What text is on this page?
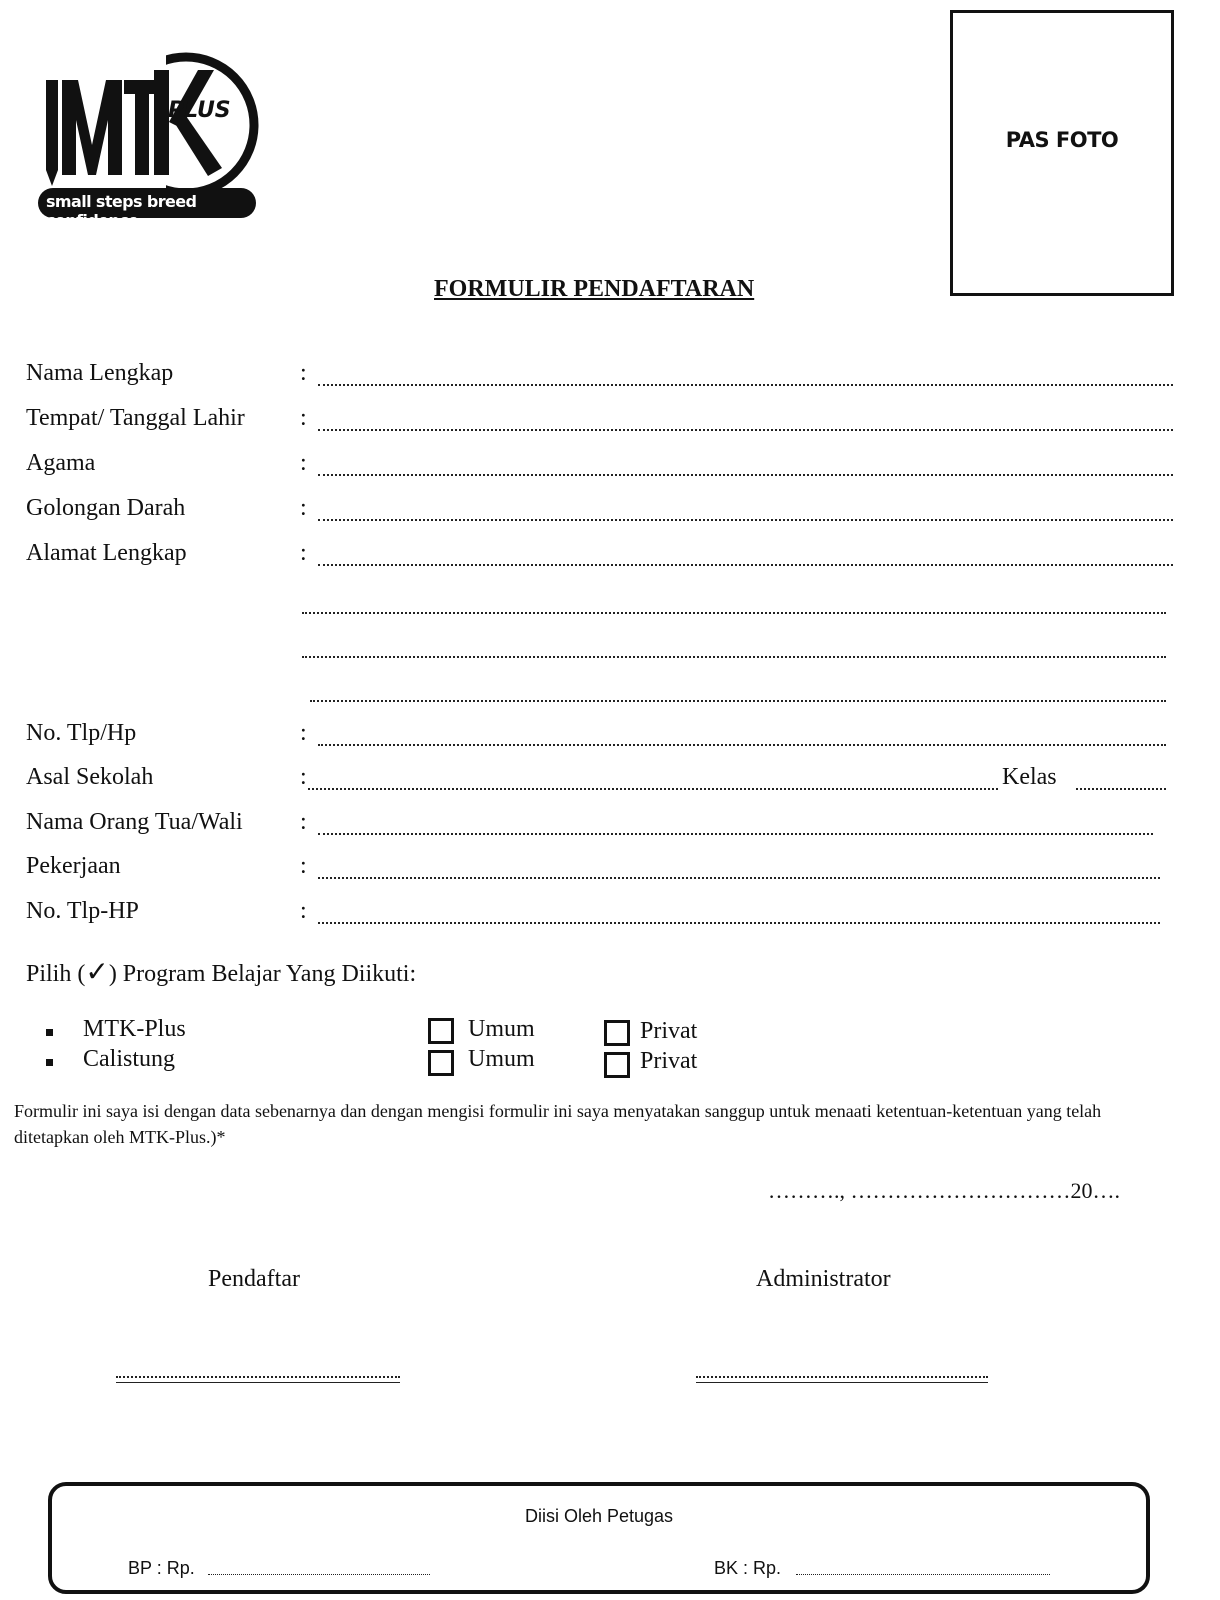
PLUS
small steps breed confidence
PAS FOTO
FORMULIR PENDAFTARAN
Nama Lengkap	:
Tempat/ Tanggal Lahir :
Agama	:
Golongan Darah	:
Alamat Lengkap	:
No. Tlp/Hp	:
Asal Sekolah	:	Kelas
Nama Orang Tua/Wali :
Pekerjaan	:
No. Tlp-HP	:
Pilih (✓) Program Belajar Yang Diikuti:
MTK-Plus	Umum	Privat
Calistung	Umum	Privat
Formulir ini saya isi dengan data sebenarnya dan dengan mengisi formulir ini saya menyatakan sanggup untuk menaati ketentuan-ketentuan yang telah ditetapkan oleh MTK-Plus.)*
………., …………………………20….
Pendaftar	Administrator
Diisi Oleh Petugas
BP : Rp.	BK : Rp.
